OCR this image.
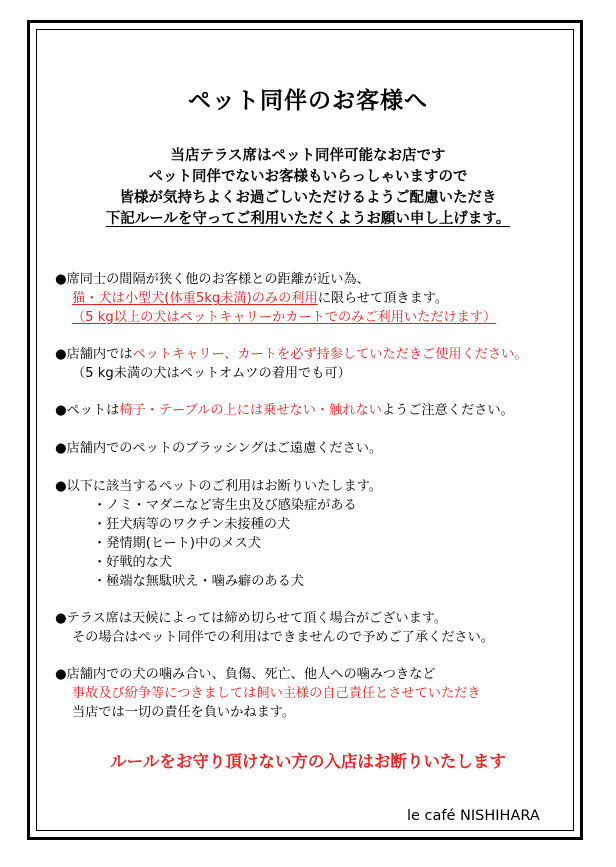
ペット同伴のお客様へ
当店テラス席はペット同伴可能なお店です
ペット同伴でないお客様もいらっしゃいますので
皆様が気持ちよくお過ごしいただけるようご配慮いただき
下記ルールを守ってご利用いただくようお願い申し上げます。
●席同士の間隔が狭く他のお客様との距離が近い為、
猫・犬は小型犬(体重5kg未満)のみの利用に限らせて頂きます。
（5 kg以上の犬はペットキャリーかカートでのみご利用いただけます）
●店舗内ではペットキャリー、カートを必ず持参していただきご使用ください。
（5 kg未満の犬はペットオムツの着用でも可）
●ペットは椅子・テーブルの上には乗せない・触れないようご注意ください。
●店舗内でのペットのブラッシングはご遠慮ください。
●以下に該当するペットのご利用はお断りいたします。
・ノミ・マダニなど寄生虫及び感染症がある
・狂犬病等のワクチン未接種の犬
・発情期(ヒート)中のメス犬
・好戦的な犬
・極端な無駄吠え・噛み癖のある犬
●テラス席は天候によっては締め切らせて頂く場合がございます。
その場合はペット同伴での利用はできませんので予めご了承ください。
●店舗内での犬の噛み合い、負傷、死亡、他人への噛みつきなど
事故及び紛争等につきましては飼い主様の自己責任とさせていただき
当店では一切の責任を負いかねます。
ルールをお守り頂けない方の入店はお断りいたします
le café NISHIHARA
